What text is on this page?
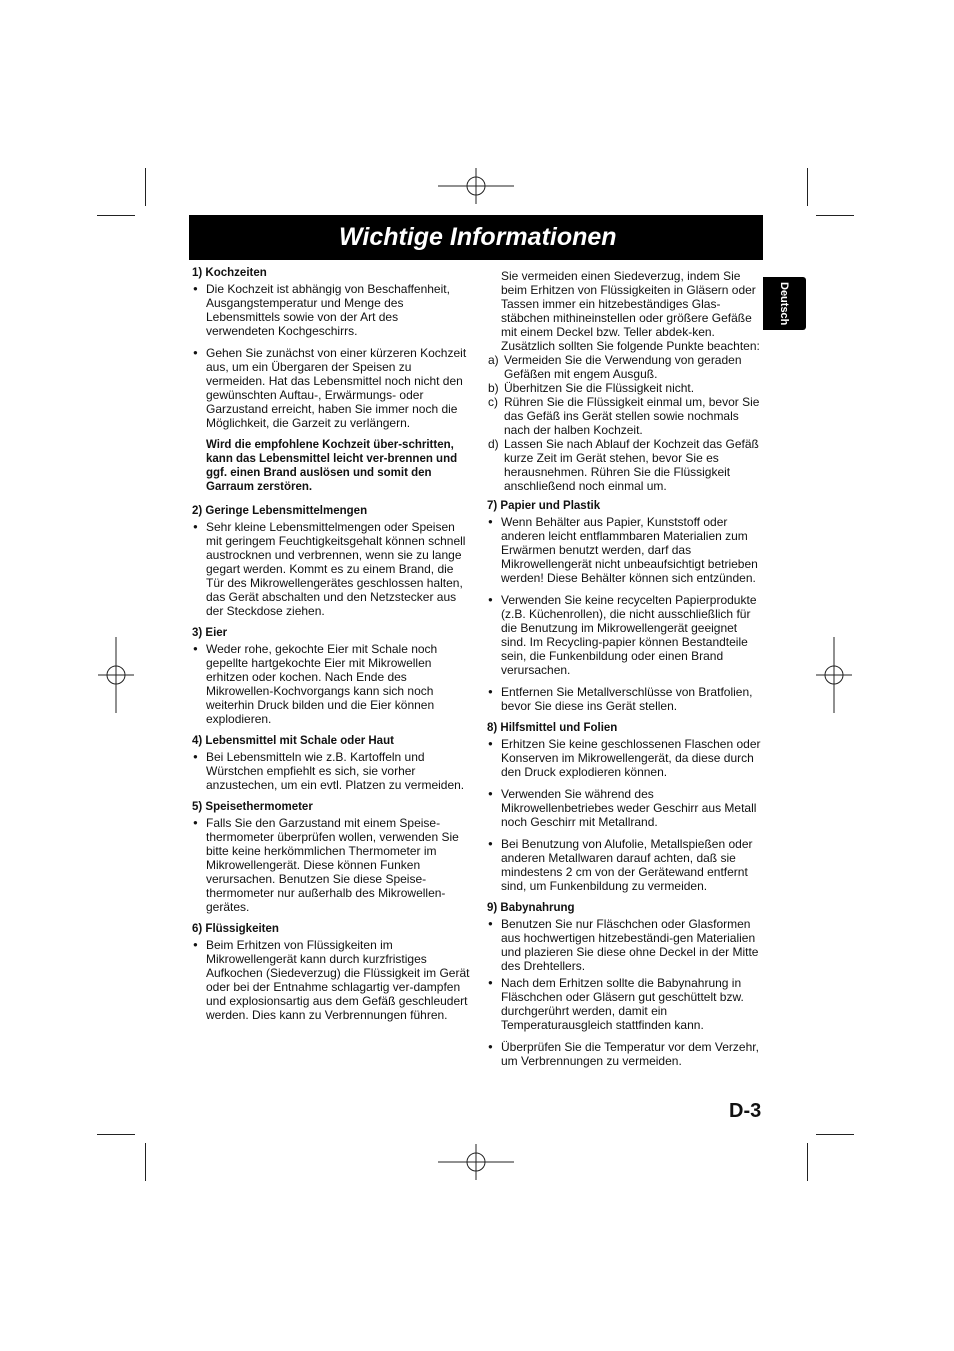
Wichtige Informationen
Deutsch
1) Kochzeiten
● Die Kochzeit ist abhängig von Beschaffenheit, Ausgangstemperatur und Menge des Lebensmittels sowie von der Art des verwendeten Kochgeschirrs.
● Gehen Sie zunächst von einer kürzeren Kochzeit aus, um ein Übergaren der Speisen zu vermeiden. Hat das Lebensmittel noch nicht den gewünschten Auftau-, Erwärmungs- oder Garzustand erreicht, haben Sie immer noch die Möglichkeit, die Garzeit zu verlängern.
Wird die empfohlene Kochzeit über-schritten, kann das Lebensmittel leicht ver-brennen und ggf. einen Brand auslösen und somit den Garraum zerstören.
2) Geringe Lebensmittelmengen
● Sehr kleine Lebensmittelmengen oder Speisen mit geringem Feuchtigkeitsgehalt können schnell austrocknen und verbrennen, wenn sie zu lange gegart werden. Kommt es zu einem Brand, die Tür des Mikrowellengerätes geschlossen halten, das Gerät abschalten und den Netzstecker aus der Steckdose ziehen.
3) Eier
● Weder rohe, gekochte Eier mit Schale noch gepellte hartgekochte Eier mit Mikrowellen erhitzen oder kochen. Nach Ende des Mikrowellen-Kochvorgangs kann sich noch weiterhin Druck bilden und die Eier können explodieren.
4) Lebensmittel mit Schale oder Haut
● Bei Lebensmitteln wie z.B. Kartoffeln und Würstchen empfiehlt es sich, sie vorher anzustechen, um ein evtl. Platzen zu vermeiden.
5) Speisethermometer
● Falls Sie den Garzustand mit einem Speise-thermometer überprüfen wollen, verwenden Sie bitte keine herkömmlichen Thermometer im Mikrowellengerät. Diese können Funken verursachen. Benutzen Sie diese Speise-thermometer nur außerhalb des Mikrowellen-gerätes.
6) Flüssigkeiten
● Beim Erhitzen von Flüssigkeiten im Mikrowellengerät kann durch kurzfristiges Aufkochen (Siedeverzug) die Flüssigkeit im Gerät oder bei der Entnahme schlagartig ver-dampfen und explosionsartig aus dem Gefäß geschleudert werden. Dies kann zu Verbrennungen führen.
Sie vermeiden einen Siedeverzug, indem Sie beim Erhitzen von Flüssigkeiten in Gläsern oder Tassen immer ein hitzebeständiges Glas-stäbchen mithineinstellen oder größere Gefäße mit einem Deckel bzw. Teller abdek-ken. Zusätzlich sollten Sie folgende Punkte beachten:
a) Vermeiden Sie die Verwendung von geraden Gefäßen mit engem Ausguß.
b) Überhitzen Sie die Flüssigkeit nicht.
c) Rühren Sie die Flüssigkeit einmal um, bevor Sie das Gefäß ins Gerät stellen sowie nochmals nach der halben Kochzeit.
d) Lassen Sie nach Ablauf der Kochzeit das Gefäß kurze Zeit im Gerät stehen, bevor Sie es herausnehmen. Rühren Sie die Flüssigkeit anschließend noch einmal um.
7) Papier und Plastik
● Wenn Behälter aus Papier, Kunststoff oder anderen leicht entflammbaren Materialien zum Erwärmen benutzt werden, darf das Mikrowellengerät nicht unbeaufsichtigt betrieben werden! Diese Behälter können sich entzünden.
● Verwenden Sie keine recycelten Papierprodukte (z.B. Küchenrollen), die nicht ausschließlich für die Benutzung im Mikrowellengerät geeignet sind. Im Recycling-papier können Bestandteile sein, die Funkenbildung oder einen Brand verursachen.
● Entfernen Sie Metallverschlüsse von Bratfolien, bevor Sie diese ins Gerät stellen.
8) Hilfsmittel und Folien
● Erhitzen Sie keine geschlossenen Flaschen oder Konserven im Mikrowellengerät, da diese durch den Druck explodieren können.
● Verwenden Sie während des Mikrowellenbetriebes weder Geschirr aus Metall noch Geschirr mit Metallrand.
● Bei Benutzung von Alufolie, Metallspießen oder anderen Metallwaren darauf achten, daß sie mindestens 2 cm von der Gerätewand entfernt sind, um Funkenbildung zu vermeiden.
9) Babynahrung
● Benutzen Sie nur Fläschchen oder Glasformen aus hochwertigen hitzebeständi-gen Materialien und plazieren Sie diese ohne Deckel in der Mitte des Drehtellers.
● Nach dem Erhitzen sollte die Babynahrung in Fläschchen oder Gläsern gut geschüttelt bzw. durchgerührt werden, damit ein Temperaturausgleich stattfinden kann.
● Überprüfen Sie die Temperatur vor dem Verzehr, um Verbrennungen zu vermeiden.
D-3
